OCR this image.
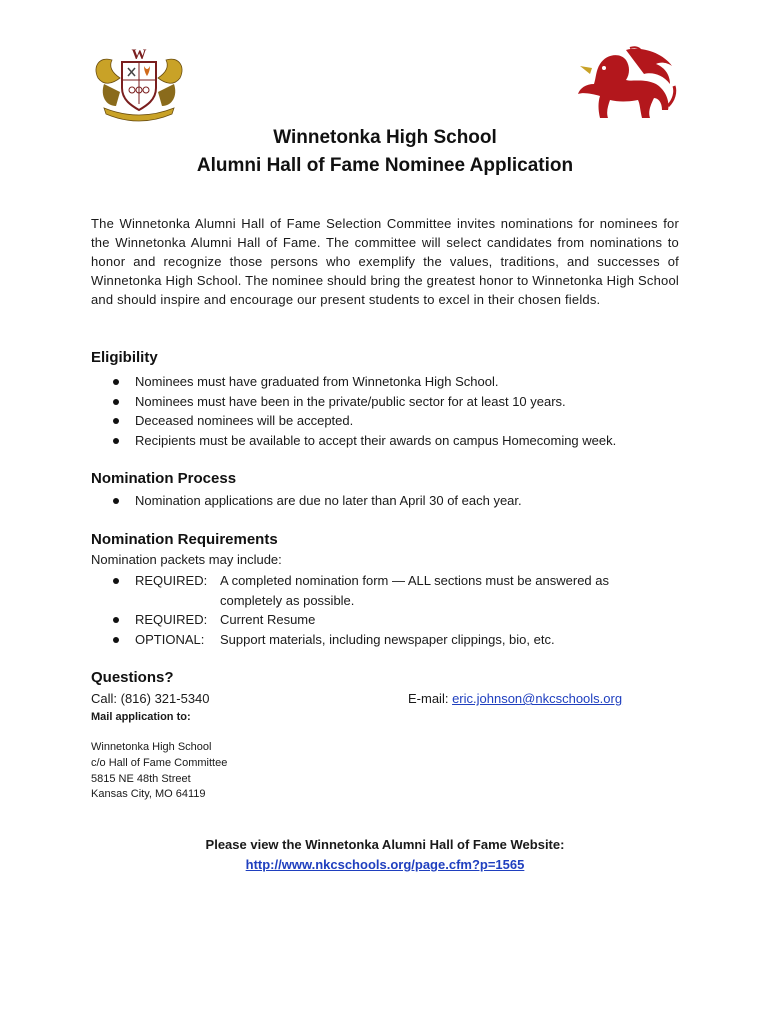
W
Winnetonka High School
Alumni Hall of Fame Nominee Application
The Winnetonka Alumni Hall of Fame Selection Committee invites nominations for nominees for the Winnetonka Alumni Hall of Fame. The committee will select candidates from nominations to honor and recognize those persons who exemplify the values, traditions, and successes of Winnetonka High School. The nominee should bring the greatest honor to Winnetonka High School and should inspire and encourage our present students to excel in their chosen fields.
Eligibility
Nominees must have graduated from Winnetonka High School.
Nominees must have been in the private/public sector for at least 10 years.
Deceased nominees will be accepted.
Recipients must be available to accept their awards on campus Homecoming week.
Nomination Process
Nomination applications are due no later than April 30 of each year.
Nomination Requirements
Nomination packets may include:
REQUIRED: A completed nomination form — ALL sections must be answered as
completely as possible.
REQUIRED: Current Resume
OPTIONAL:	Support materials, including newspaper clippings, bio, etc.
Questions?
Call: (816) 321-5340	E-mail: eric.johnson@nkcschools.org
Mail application to:
Winnetonka High School
c/o Hall of Fame Committee
5815 NE 48th Street
Kansas City, MO 64119
Please view the Winnetonka Alumni Hall of Fame Website:
http://www.nkcschools.org/page.cfm?p=1565
